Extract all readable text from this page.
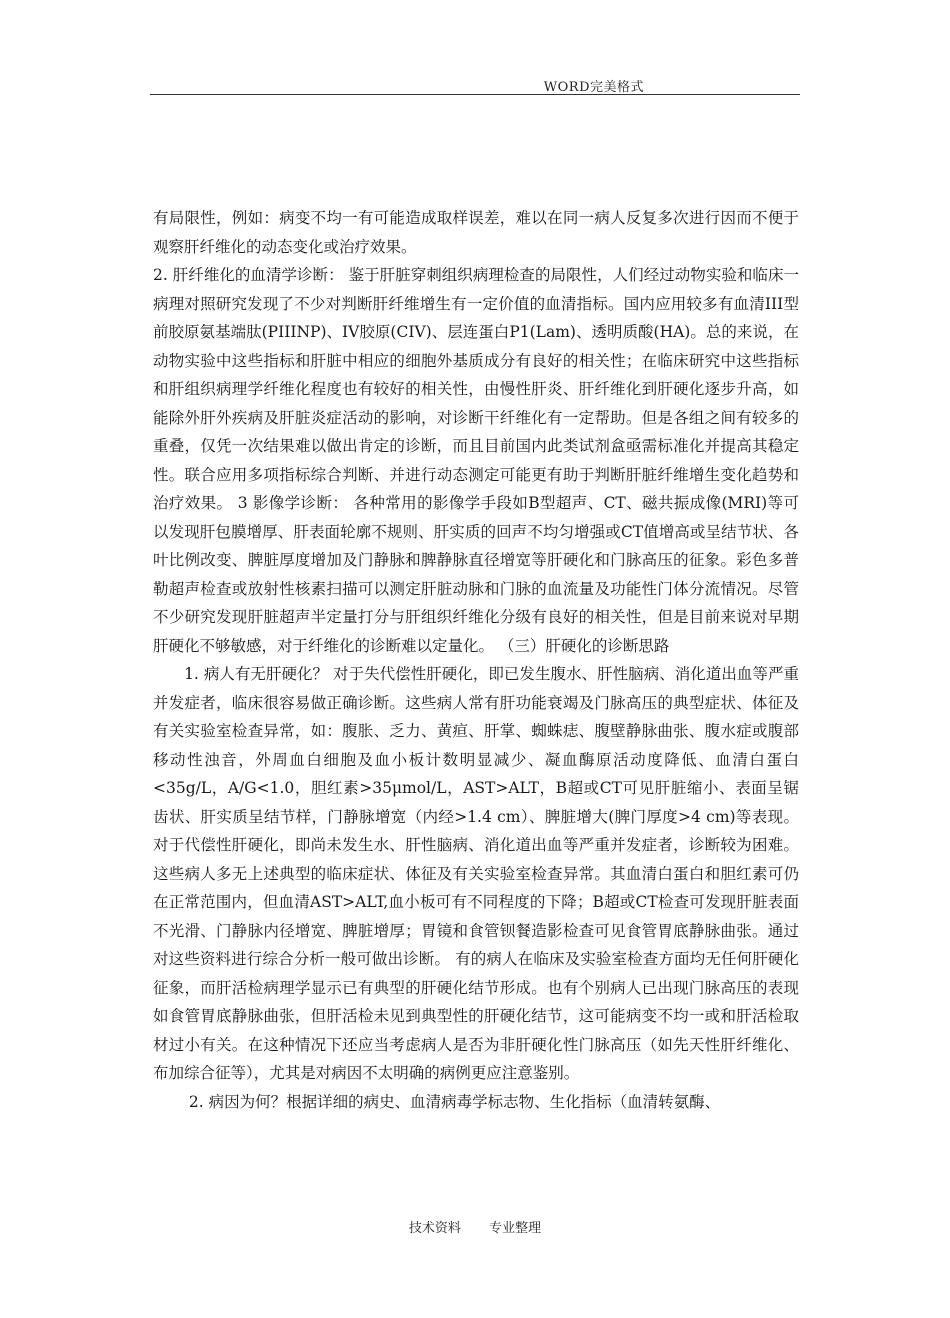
WORD完美格式

有局限性，例如：病变不均一有可能造成取样误差，难以在同一病人反复多次进行因而不便于观察肝纤维化的动态变化或治疗效果。

2. 肝纤维化的血清学诊断： 鉴于肝脏穿刺组织病理检查的局限性，人们经过动物实验和临床一病理对照研究发现了不少对判断肝纤维增生有一定价值的血清指标。国内应用较多有血清III型前胶原氨基端肽(PIIINP)、IV胶原(CIV)、层连蛋白P1(Lam)、透明质酸(HA)。总的来说，在动物实验中这些指标和肝脏中相应的细胞外基质成分有良好的相关性；在临床研究中这些指标和肝组织病理学纤维化程度也有较好的相关性，由慢性肝炎、肝纤维化到肝硬化逐步升高，如能除外肝外疾病及肝脏炎症活动的影响，对诊断干纤维化有一定帮助。但是各组之间有较多的重叠，仅凭一次结果难以做出肯定的诊断，而且目前国内此类试剂盒亟需标准化并提高其稳定性。联合应用多项指标综合判断、并进行动态测定可能更有助于判断肝脏纤维增生变化趋势和治疗效果。 3 影像学诊断： 各种常用的影像学手段如B型超声、CT、磁共振成像(MRI)等可以发现肝包膜增厚、肝表面轮廓不规则、肝实质的回声不均匀增强或CT值增高或呈结节状、各叶比例改变、脾脏厚度增加及门静脉和脾静脉直径增宽等肝硬化和门脉高压的征象。彩色多普勒超声检查或放射性核素扫描可以测定肝脏动脉和门脉的血流量及功能性门体分流情况。尽管不少研究发现肝脏超声半定量打分与肝组织纤维化分级有良好的相关性，但是目前来说对早期肝硬化不够敏感，对于纤维化的诊断难以定量化。 （三）肝硬化的诊断思路

　　1. 病人有无肝硬化？ 对于失代偿性肝硬化，即已发生腹水、肝性脑病、消化道出血等严重并发症者，临床很容易做正确诊断。这些病人常有肝功能衰竭及门脉高压的典型症状、体征及有关实验室检查异常，如：腹胀、乏力、黄疸、肝掌、蜘蛛痣、腹壁静脉曲张、腹水症或腹部移动性浊音，外周血白细胞及血小板计数明显减少、凝血酶原活动度降低、血清白蛋白<35g/L，A/G<1.0，胆红素>35μmol/L，AST>ALT，B超或CT可见肝脏缩小、表面呈锯齿状、肝实质呈结节样，门静脉增宽（内经>1.4 cm）、脾脏增大(脾门厚度>4 cm)等表现。 对于代偿性肝硬化，即尚未发生水、肝性脑病、消化道出血等严重并发症者，诊断较为困难。这些病人多无上述典型的临床症状、体征及有关实验室检查异常。其血清白蛋白和胆红素可仍在正常范围内，但血清AST>ALT,血小板可有不同程度的下降；B超或CT检查可发现肝脏表面不光滑、门静脉内径增宽、脾脏增厚；胃镜和食管钡餐造影检查可见食管胃底静脉曲张。通过对这些资料进行综合分析一般可做出诊断。 有的病人在临床及实验室检查方面均无任何肝硬化征象，而肝活检病理学显示已有典型的肝硬化结节形成。也有个别病人已出现门脉高压的表现如食管胃底静脉曲张，但肝活检未见到典型性的肝硬化结节，这可能病变不均一或和肝活检取材过小有关。在这种情况下还应当考虑病人是否为非肝硬化性门脉高压（如先天性肝纤维化、布加综合征等），尤其是对病因不太明确的病例更应注意鉴别。

　　 2. 病因为何？根据详细的病史、血清病毒学标志物、生化指标（血清转氨酶、

技术资料 专业整理
